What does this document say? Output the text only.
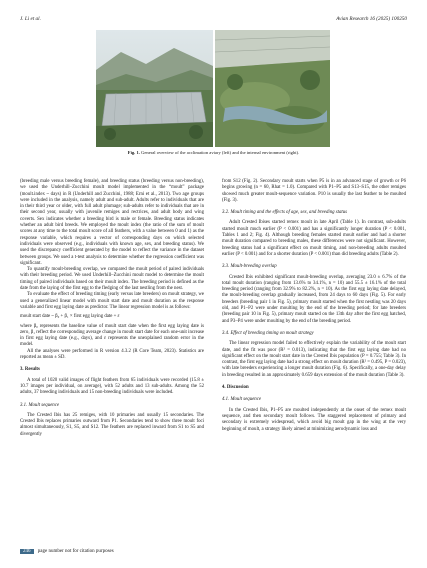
J. Li et al.	Avian Research 16 (2025) 100250
Fig. 1. General overview of the acclimation aviary (left) and the internal environment (right).

(breeding male versus breeding female), and breeding status (breeding versus non-breeding), we used the Underhill–Zucchini moult model implemented in the “moult” package (moult.index ~ days) in R (Underhill and Zucchini, 1988; Erni et al., 2013). Two age groups were included in the analysis, namely adult and sub-adult. Adults refer to individuals that are in their third year or older, with full adult plumage; sub-adults refer to individuals that are in their second year, usually with juvenile remiges and rectrices, and adult body and wing coverts. Sex indicates whether a breeding bird is male or female. Breeding status indicates whether an adult bird breeds. We employed the moult index (the ratio of the sum of moult scores at any time to the total moult score of all feathers, with a value between 0 and 1) as the response variable, which requires a vector of corresponding days on which selected individuals were observed (e.g., individuals with known age, sex, and breeding status). We used the discrepancy coefficient generated by the model to reflect the variance in the dataset between groups. We used a t-test analysis to determine whether the regression coefficient was significant.

To quantify moult-breeding overlap, we compared the moult period of paired individuals with their breeding period. We used Underhill–Zucchini moult model to determine the moult timing of paired individuals based on their moult index. The breeding period is defined as the date from the laying of the first egg to the fledging of the last nestling from the nest.

To evaluate the effect of breeding timing (early versus late breeders) on moult strategy, we used a generalized linear model with moult start date and moult duration as the response variable and first egg laying date as predictor. The linear regression model is as follows:

moult start date ~ β₀ + β₁ × first egg laying date + ε

where β₀ represents the baseline value of moult start date when the first egg laying date is zero, β₁ reflect the corresponding average change in moult start date for each one-unit increase in first egg laying date (e.g., days), and ε represents the unexplained random error in the model.

All the analyses were performed in R version 4.3.2 (R Core Team, 2023). Statistics are reported as mean ± SD.

3. Results

A total of 1020 valid images of flight feathers from 65 individuals were recorded (15.8 ± 10.7 images per individual, on average), with 52 adults and 13 sub-adults. Among the 52 adults, 37 breeding individuals and 15 non-breeding individuals were included.

3.1. Moult sequence

The Crested Ibis has 25 remiges, with 10 primaries and usually 15 secondaries. The Crested Ibis replaces primaries outward from P1. Secondaries tend to show three moult foci almost simultaneously, S1, S5, and S12. The feathers are replaced inward from S1 to S5 and divergently

from S12 (Fig. 2). Secondary moult starts when P5 is in an advanced stage of growth or P6 begins growing (n = 60, Rhat = 1.0). Compared with P1–P5 and S13–S15, the other remiges showed much greater moult-sequence variation. P10 is usually the last feather to be moulted (Fig. 3).

3.2. Moult timing and the effects of age, sex, and breeding status

Adult Crested Ibises started remex moult in late April (Table 1). In contrast, sub-adults started moult much earlier (P < 0.001) and has a significantly longer duration (P < 0.001, Tables 1 and 2; Fig. 4). Although breeding females started moult earlier and had a shorter moult duration compared to breeding males, these differences were not significant. However, breeding status had a significant effect on moult timing, and non-breeding adults moulted earlier (P < 0.001) and for a shorter duration (P < 0.001) than did breeding adults (Table 2).

3.3. Moult-breeding overlap

Crested Ibis exhibited significant moult-breeding overlap, averaging 23.0 ± 6.7% of the total moult duration (ranging from 13.6% to 34.1%, n = 10) and 55.5 ± 16.1% of the total breeding period (ranging from 32.9% to 82.2%, n = 10). As the first egg laying date delayed, the moult-breeding overlap gradually increased, from 24 days to 60 days (Fig. 5). For early breeders (breeding pair 1 in Fig. 5), primary moult started when the first nestling was 20 days old, and P1–P2 were under moulting by the end of the breeding period; for late breeders (breeding pair 10 in Fig. 5), primary moult started on the 13th day after the first egg hatched, and P3–P4 were under moulting by the end of the breeding period.

3.4. Effect of breeding timing on moult strategy

The linear regression model failed to effectively explain the variability of the moult start date, and the fit was poor (R² = 0.013), indicating that the first egg laying date had no significant effect on the moult start date in the Crested Ibis population (P = 0.755; Table 3). In contrast, the first egg laying date had a strong effect on moult duration (R² = 0.495, P = 0.023), with late breeders experiencing a longer moult duration (Fig. 6). Specifically, a one-day delay in breeding resulted in an approximately 0.659 days extension of the moult duration (Table 3).

4. Discussion
4.1. Moult sequence

In the Crested Ibis, P1–P5 are moulted independently at the onset of the remex moult sequence, and then secondary moult follows. The staggered replacement of primary and secondary is extremely widespread, which avoid big moult gap in the wing at the very beginning of moult, a strategy likely aimed at minimizing aerodynamic loss and

246 page number not for citation purposes
